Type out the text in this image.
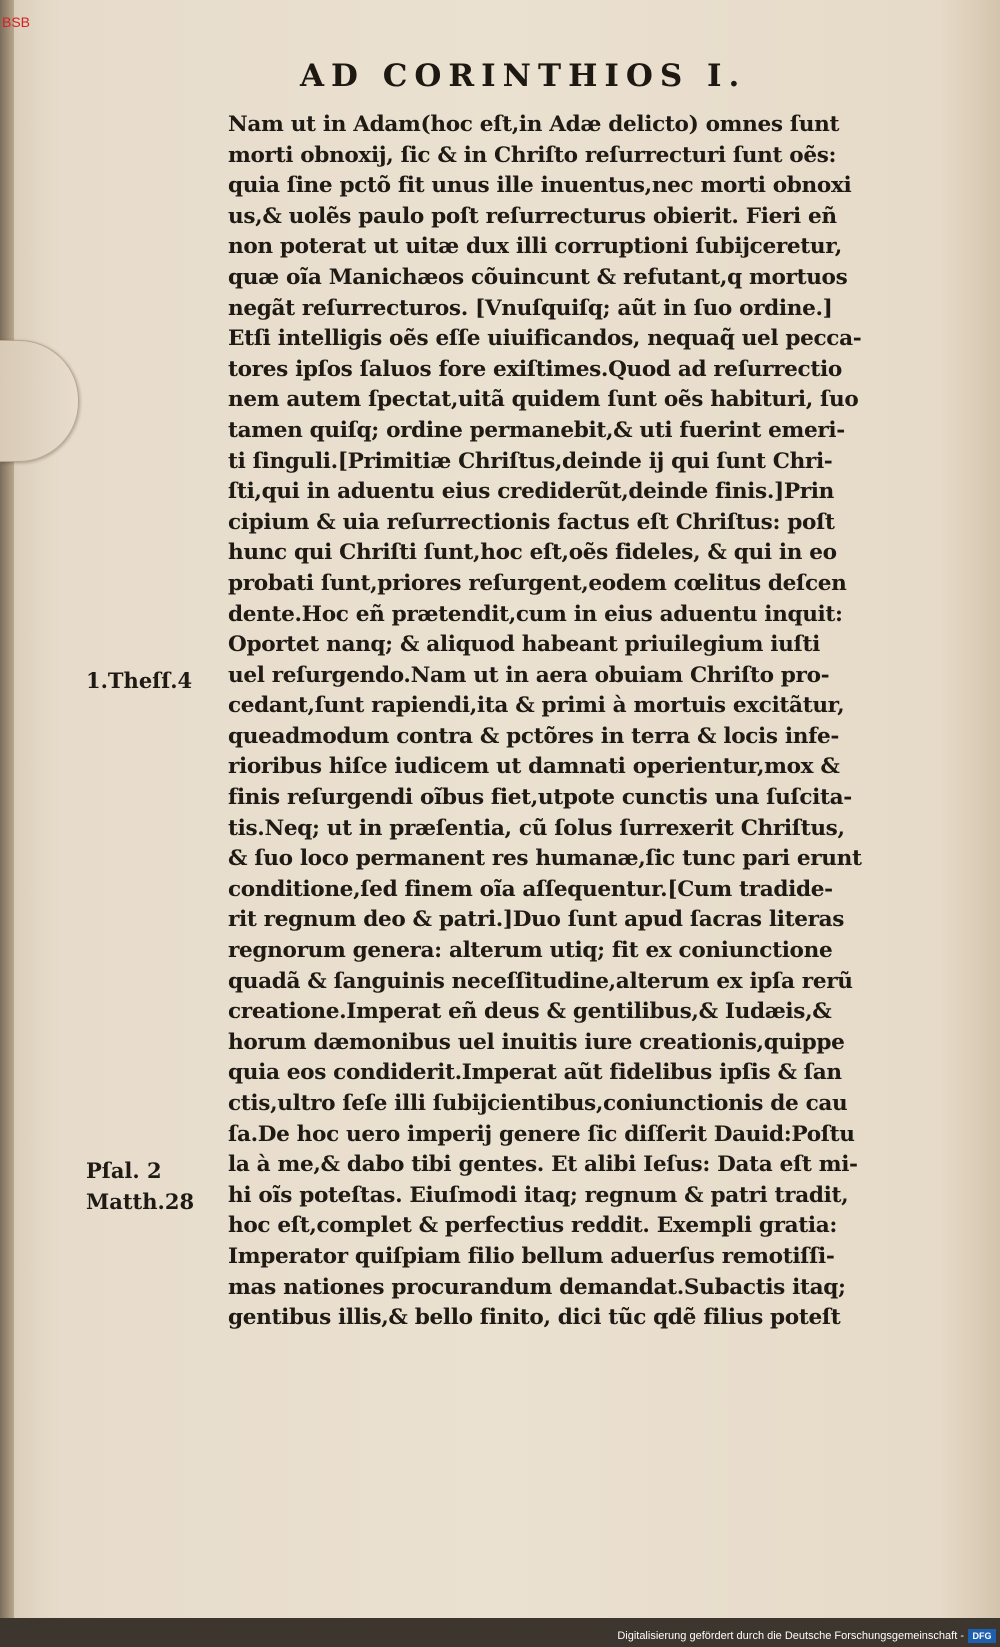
BSB
AD CORINTHIOS I.
Nam ut in Adam(hoc eſt,in Adæ delicto) omnes ſunt
morti obnoxij, ſic & in Chriſto reſurrecturi ſunt oẽs:
quia ſine pctõ fit unus ille inuentus,nec morti obnoxi
us,& uolẽs paulo poſt reſurrecturus obierit. Fieri eñ
non poterat ut uitæ dux illi corruptioni ſubijceretur,
quæ oĩa Manichæos cõuincunt & refutant,q mortuos
negãt reſurrecturos. [Vnuſquiſq; aũt in ſuo ordine.]
Etſi intelligis oẽs eſſe uiuificandos, nequaq̃ uel pecca-
tores ipſos ſaluos fore exiſtimes.Quod ad reſurrectio
nem autem ſpectat,uitã quidem ſunt oẽs habituri, ſuo
tamen quiſq; ordine permanebit,& uti fuerint emeri-
ti ſinguli.[Primitiæ Chriſtus,deinde ij qui ſunt Chri-
ſti,qui in aduentu eius crediderũt,deinde finis.]Prin
cipium & uia reſurrectionis factus eſt Chriſtus: poſt
hunc qui Chriſti ſunt,hoc eſt,oẽs fideles, & qui in eo
probati ſunt,priores reſurgent,eodem cœlitus deſcen
dente.Hoc eñ prætendit,cum in eius aduentu inquit:
Oportet nanq; & aliquod habeant priuilegium iuſti
uel reſurgendo.Nam ut in aera obuiam Chriſto pro-
cedant,ſunt rapiendi,ita & primi à mortuis excitãtur,
queadmodum contra & pctõres in terra & locis infe-
rioribus hiſce iudicem ut damnati operientur,mox &
finis reſurgendi oĩbus fiet,utpote cunctis una ſuſcita-
tis.Neq; ut in præſentia, cũ ſolus ſurrexerit Chriſtus,
& ſuo loco permanent res humanæ,ſic tunc pari erunt
conditione,ſed finem oĩa aſſequentur.[Cum tradide-
rit regnum deo & patri.]Duo ſunt apud ſacras literas
regnorum genera: alterum utiq; fit ex coniunctione
quadã & ſanguinis neceſſitudine,alterum ex ipſa rerũ
creatione.Imperat eñ deus & gentilibus,& Iudæis,&
horum dæmonibus uel inuitis iure creationis,quippe
quia eos condiderit.Imperat aũt fidelibus ipſis & ſan
ctis,ultro ſeſe illi ſubijcientibus,coniunctionis de cau
ſa.De hoc uero imperij genere ſic diſſerit Dauid:Poſtu
la à me,& dabo tibi gentes. Et alibi Ieſus: Data eſt mi-
hi oĩs poteſtas. Eiuſmodi itaq; regnum & patri tradit,
hoc eſt,complet & perfectius reddit. Exempli gratia:
Imperator quiſpiam filio bellum aduerſus remotiſſi-
mas nationes procurandum demandat.Subactis itaq;
gentibus illis,& bello finito, dici tũc qdẽ filius poteſt
1.Theſſ.4
Pſal. 2
Matth.28
Digitalisierung gefördert durch die Deutsche Forschungsgemeinschaft - DFG
